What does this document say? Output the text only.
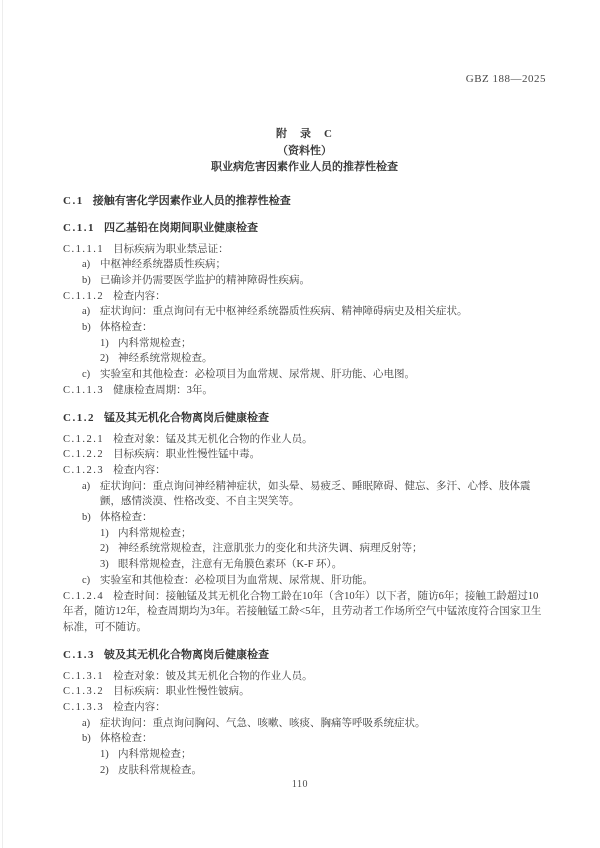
GBZ 188—2025
附　录　C
（资料性）
职业病危害因素作业人员的推荐性检查
C.1 接触有害化学因素作业人员的推荐性检查
C.1.1 四乙基铅在岗期间职业健康检查
C.1.1.1 目标疾病为职业禁忌证：
a) 中枢神经系统器质性疾病；
b) 已确诊并仍需要医学监护的精神障碍性疾病。
C.1.1.2 检查内容：
a) 症状询问：重点询问有无中枢神经系统器质性疾病、精神障碍病史及相关症状。
b) 体格检查：
1) 内科常规检查；
2) 神经系统常规检查。
c) 实验室和其他检查：必检项目为血常规、尿常规、肝功能、心电图。
C.1.1.3 健康检查周期：3年。
C.1.2 锰及其无机化合物离岗后健康检查
C.1.2.1 检查对象：锰及其无机化合物的作业人员。
C.1.2.2 目标疾病：职业性慢性锰中毒。
C.1.2.3 检查内容：
a) 症状询问：重点询问神经精神症状，如头晕、易疲乏、睡眠障碍、健忘、多汗、心悸、肢体震颤，感情淡漠、性格改变、不自主哭笑等。
b) 体格检查：
1) 内科常规检查；
2) 神经系统常规检查，注意肌张力的变化和共济失调、病理反射等；
3) 眼科常规检查，注意有无角膜色素环（K-F 环）。
c) 实验室和其他检查：必检项目为血常规、尿常规、肝功能。
C.1.2.4 检查时间：接触锰及其无机化合物工龄在10年（含10年）以下者，随访6年；接触工龄超过10年者，随访12年，检查周期均为3年。若接触锰工龄<5年，且劳动者工作场所空气中锰浓度符合国家卫生标准，可不随访。
C.1.3 铍及其无机化合物离岗后健康检查
C.1.3.1 检查对象：铍及其无机化合物的作业人员。
C.1.3.2 目标疾病：职业性慢性铍病。
C.1.3.3 检查内容：
a) 症状询问：重点询问胸闷、气急、咳嗽、咳痰、胸痛等呼吸系统症状。
b) 体格检查：
1) 内科常规检查；
2) 皮肤科常规检查。
110
